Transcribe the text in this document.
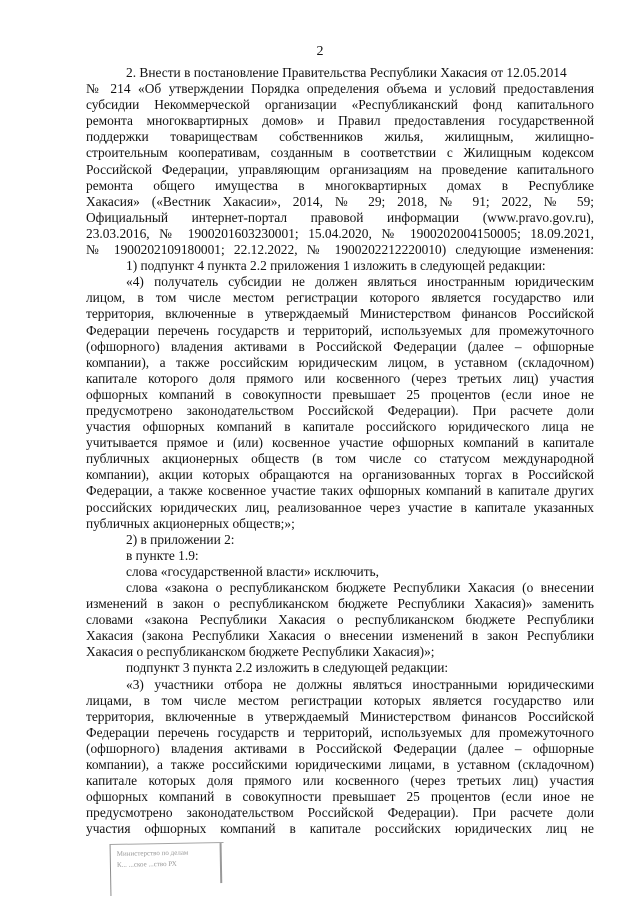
2
2. Внести в постановление Правительства Республики Хакасия от 12.05.2014
№ 214 «Об утверждении Порядка определения объема и условий предоставления
субсидии Некоммерческой организации «Республиканский фонд капитального
ремонта многоквартирных домов» и Правил предоставления государственной
поддержки товариществам собственников жилья, жилищным, жилищно-
строительным кооперативам, созданным в соответствии с Жилищным кодексом
Российской Федерации, управляющим организациям на проведение капитального
ремонта общего имущества в многоквартирных домах в Республике
Хакасия» («Вестник Хакасии», 2014, № 29; 2018, № 91; 2022, № 59;
Официальный интернет-портал правовой информации (www.pravo.gov.ru),
23.03.2016, № 1900201603230001; 15.04.2020, № 1900202004150005; 18.09.2021,
№ 1900202109180001; 22.12.2022, № 1900202212220010) следующие изменения:
1) подпункт 4 пункта 2.2 приложения 1 изложить в следующей редакции:
«4) получатель субсидии не должен являться иностранным юридическим
лицом, в том числе местом регистрации которого является государство или
территория, включенные в утверждаемый Министерством финансов Российской
Федерации перечень государств и территорий, используемых для промежуточного
(офшорного) владения активами в Российской Федерации (далее – офшорные
компании), а также российским юридическим лицом, в уставном (складочном)
капитале которого доля прямого или косвенного (через третьих лиц) участия
офшорных компаний в совокупности превышает 25 процентов (если иное не
предусмотрено законодательством Российской Федерации). При расчете доли
участия офшорных компаний в капитале российского юридического лица не
учитывается прямое и (или) косвенное участие офшорных компаний в капитале
публичных акционерных обществ (в том числе со статусом международной
компании), акции которых обращаются на организованных торгах в Российской
Федерации, а также косвенное участие таких офшорных компаний в капитале других
российских юридических лиц, реализованное через участие в капитале указанных
публичных акционерных обществ;»;
2) в приложении 2:
в пункте 1.9:
слова «государственной власти» исключить,
слова «закона о республиканском бюджете Республики Хакасия (о внесении
изменений в закон о республиканском бюджете Республики Хакасия)» заменить
словами «закона Республики Хакасия о республиканском бюджете Республики
Хакасия (закона Республики Хакасия о внесении изменений в закон Республики
Хакасия о республиканском бюджете Республики Хакасия)»;
подпункт 3 пункта 2.2 изложить в следующей редакции:
«3) участники отбора не должны являться иностранными юридическими
лицами, в том числе местом регистрации которых является государство или
территория, включенные в утверждаемый Министерством финансов Российской
Федерации перечень государств и территорий, используемых для промежуточного
(офшорного) владения активами в Российской Федерации (далее – офшорные
компании), а также российскими юридическими лицами, в уставном (складочном)
капитале которых доля прямого или косвенного (через третьих лиц) участия
офшорных компаний в совокупности превышает 25 процентов (если иное не
предусмотрено законодательством Российской Федерации). При расчете доли
участия офшорных компаний в капитале российских юридических лиц не
Министерство по делам
К... ...ское ...ство РХ
